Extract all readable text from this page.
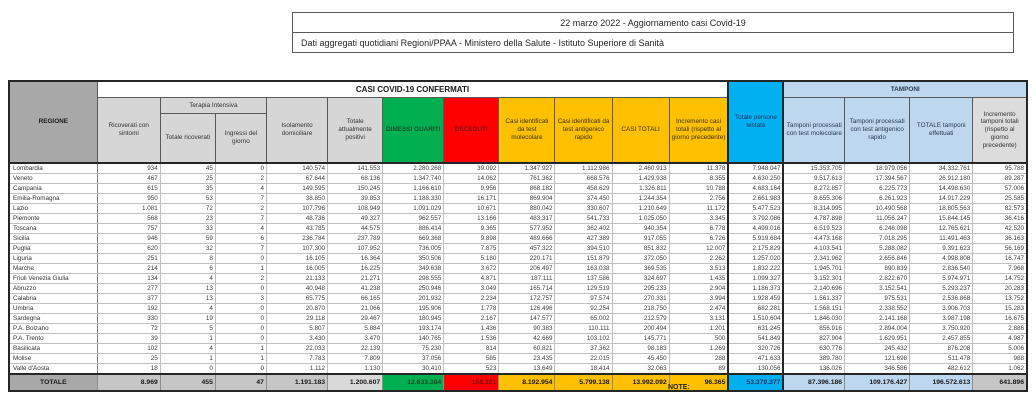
22 marzo 2022 - Aggiornamento casi Covid-19
Dati aggregati quotidiani Regioni/PPAA - Ministero della Salute - Istituto Superiore di Sanità
REGIONE	CASI COVID-19 CONFERMATI											Totale persone testate	TAMPONI			
	Ricoverati con sintomi	Terapia Intensiva		Isolamento domiciliare	Totale attualmente positivi	DIMESSI GUARITI	DECEDUTI	Casi identificati da test molecolare	Casi identificati da test antigenico rapido	CASI TOTALI	Incremento casi totali (rispetto al giorno precedente)		Tamponi processati con test molecolare	Tamponi processati con test antigenico rapido	TOTALE tamponi effettuati	Incremento tamponi totali (rispetto al giorno precedente)
		Totale ricoverati	Ingressi del giorno													
Lombardia	934	45	0	140.574	141.553	2.280.268	39.092	1.347.927	1.112.986	2.460.913	11.378	7.948.047	15.353.705	18.979.056	34.332.761	95.788
Veneto	467	25	2	67.644	68.136	1.347.740	14.062	761.362	668.576	1.429.938	8.355	4.630.250	9.517.613	17.394.567	26.912.180	89.287
Campania	615	35	4	149.595	150.245	1.166.610	9.956	868.182	458.629	1.326.811	10.788	4.683.164	8.272.857	6.225.773	14.498.630	57.006
Emilia-Romagna	950	53	7	38.850	39.853	1.188.330	16.171	869.904	374.450	1.244.354	2.756	2.661.983	8.655.306	6.261.923	14.917.229	25.585
Lazio	1.081	72	2	107.796	108.949	1.091.029	10.671	880.042	330.607	1.210.649	11.172	5.477.523	8.314.995	10.490.568	18.805.563	82.573
Piemonte	568	23	7	48.736	49.327	962.557	13.166	483.317	541.733	1.025.050	3.345	3.792.086	4.787.898	11.056.247	15.844.145	36.416
Toscana	757	33	4	43.785	44.575	886.414	9.365	577.952	362.402	940.354	6.778	4.499.016	6.519.523	6.246.098	12.765.621	42.520
Sicilia	946	59	6	236.784	237.789	669.368	9.898	489.666	427.389	917.055	6.726	5.919.684	4.473.168	7.018.295	11.491.463	36.163
Puglia	620	32	7	107.300	107.952	736.005	7.875	457.322	394.510	851.832	12.007	2.175.829	4.103.541	5.288.082	9.391.623	56.169
Liguria	251	8	0	16.105	16.364	350.506	5.180	220.171	151.879	372.050	2.262	1.257.020	2.341.962	2.656.846	4.998.808	16.747
Marche	214	6	1	16.005	16.225	349.638	3.672	206.497	163.038	369.535	3.513	1.832.222	1.945.701	890.839	2.836.540	7.968
Friuli Venezia Giulia	134	4	2	21.133	21.271	298.555	4.871	187.111	137.586	324.697	1.435	1.099.327	3.152.301	2.822.670	5.974.971	14.752
Abruzzo	277	13	0	40.948	41.238	250.946	3.049	165.714	129.519	295.233	2.904	1.186.373	2.140.696	3.152.541	5.293.237	20.283
Calabria	377	13	3	65.775	66.165	201.932	2.234	172.757	97.574	270.331	3.994	1.928.459	1.561.337	975.531	2.536.868	13.752
Umbria	192	4	0	20.870	21.066	195.906	1.778	126.496	92.254	218.750	2.474	682.281	1.568.151	2.338.552	3.906.703	15.283
Sardegna	330	19	0	29.118	29.467	180.945	2.167	147.577	65.002	212.579	3.131	1.510.604	1.846.030	2.141.168	3.987.198	16.675
P.A. Bolzano	72	5	0	5.807	5.884	193.174	1.436	90.383	110.111	200.494	1.201	631.245	856.916	2.894.004	3.750.920	2.886
P.A. Trento	39	1	0	3.430	3.470	140.765	1.536	42.669	103.102	145.771	500	541.849	827.904	1.629.951	2.457.855	4.987
Basilicata	102	4	1	22.033	22.139	75.230	814	60.821	37.362	98.183	1.269	320.726	630.776	245.432	876.208	5.006
Molise	25	1	1	7.783	7.809	37.056	585	23.435	22.015	45.450	288	471.633	389.780	121.698	511.478	988
Valle d'Aosta	18	0	0	1.112	1.130	30.410	523	13.649	18.414	32.063	89	130.056	136.026	346.586	482.612	1.062
TOTALE	8.969	455	47	1.191.183	1.200.607	12.633.384	158.101	8.192.954	5.799.138	13.992.092	96.365	53.379.377	87.396.186	109.176.427	196.572.613	641.896
NOTE:
